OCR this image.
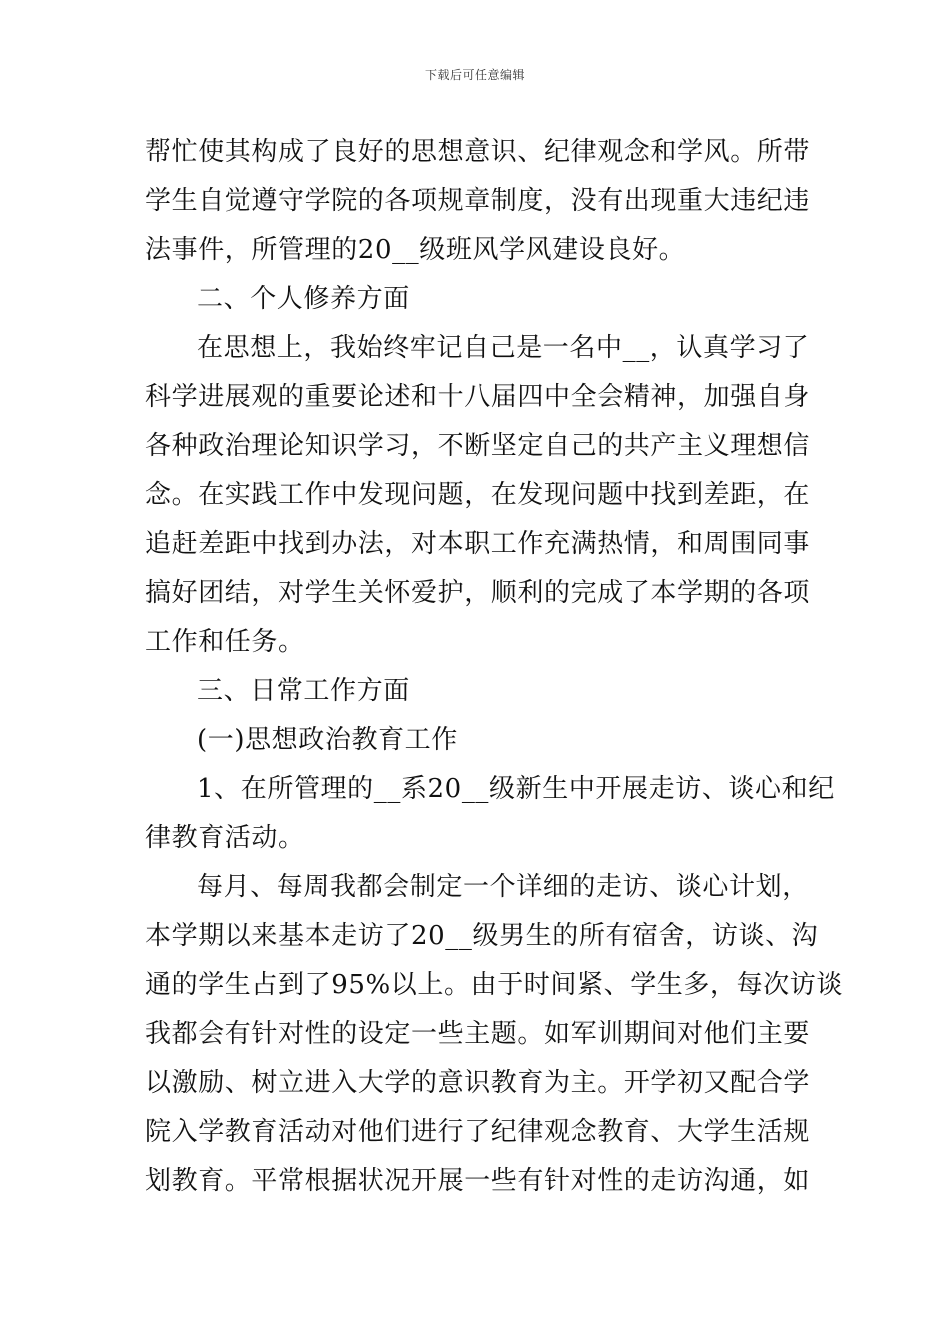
下载后可任意编辑
帮忙使其构成了良好的思想意识、纪律观念和学风。所带
学生自觉遵守学院的各项规章制度，没有出现重大违纪违
法事件，所管理的20__级班风学风建设良好。
二、个人修养方面
在思想上，我始终牢记自己是一名中__，认真学习了
科学进展观的重要论述和十八届四中全会精神，加强自身
各种政治理论知识学习，不断坚定自己的共产主义理想信
念。在实践工作中发现问题，在发现问题中找到差距，在
追赶差距中找到办法，对本职工作充满热情，和周围同事
搞好团结，对学生关怀爱护，顺利的完成了本学期的各项
工作和任务。
三、日常工作方面
(一)思想政治教育工作
1、在所管理的__系20__级新生中开展走访、谈心和纪
律教育活动。
每月、每周我都会制定一个详细的走访、谈心计划，
本学期以来基本走访了20__级男生的所有宿舍，访谈、沟
通的学生占到了95%以上。由于时间紧、学生多，每次访谈
我都会有针对性的设定一些主题。如军训期间对他们主要
以激励、树立进入大学的意识教育为主。开学初又配合学
院入学教育活动对他们进行了纪律观念教育、大学生活规
划教育。平常根据状况开展一些有针对性的走访沟通，如
